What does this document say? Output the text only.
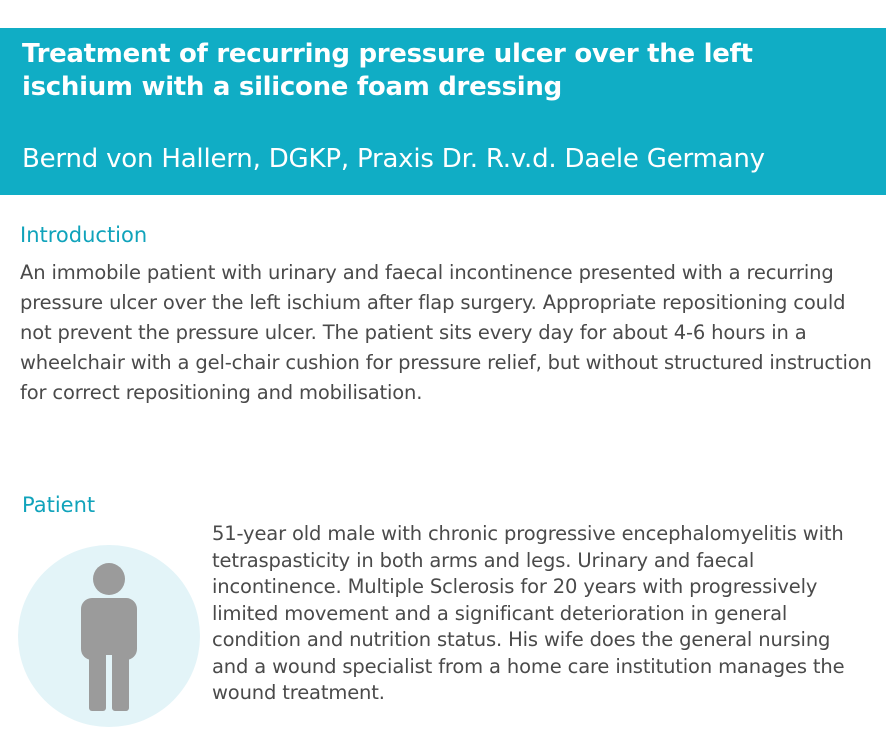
Treatment of recurring pressure ulcer over the left ischium with a silicone foam dressing

Bernd von Hallern, DGKP, Praxis Dr. R.v.d. Daele Germany

Introduction

An immobile patient with urinary and faecal incontinence presented with a recurring pressure ulcer over the left ischium after flap surgery. Appropriate repositioning could not prevent the pressure ulcer. The patient sits every day for about 4-6 hours in a wheelchair with a gel-chair cushion for pressure relief, but without structured instruction for correct repositioning and mobilisation.

Patient

51-year old male with chronic progressive encephalomyelitis with tetraspasticity in both arms and legs. Urinary and faecal incontinence. Multiple Sclerosis for 20 years with progressively limited movement and a significant deterioration in general condition and nutrition status. His wife does the general nursing and a wound specialist from a home care institution manages the wound treatment.
